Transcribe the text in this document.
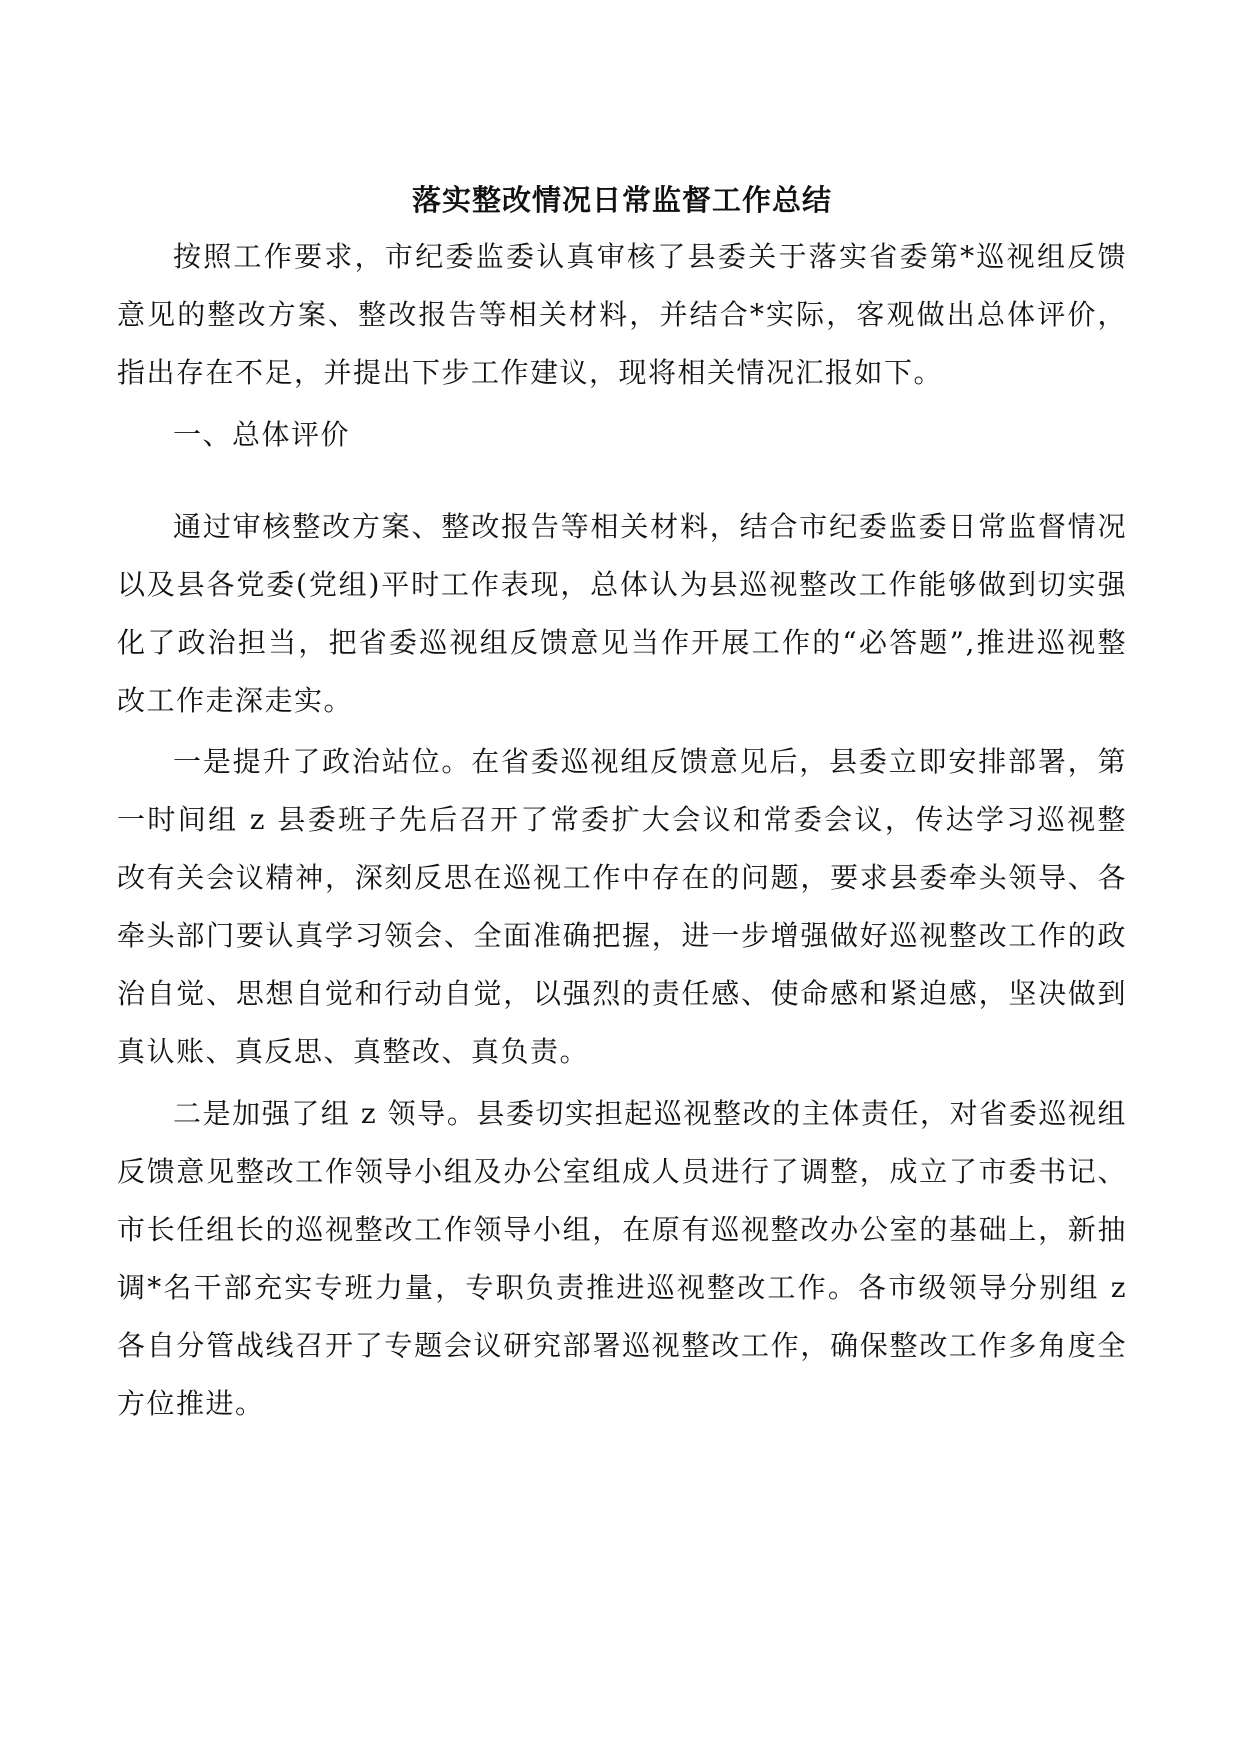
落实整改情况日常监督工作总结

按照工作要求，市纪委监委认真审核了县委关于落实省委第*巡视组反馈意见的整改方案、整改报告等相关材料，并结合*实际，客观做出总体评价，指出存在不足，并提出下步工作建议，现将相关情况汇报如下。

一、总体评价

通过审核整改方案、整改报告等相关材料，结合市纪委监委日常监督情况以及县各党委(党组)平时工作表现，总体认为县巡视整改工作能够做到切实强化了政治担当，把省委巡视组反馈意见当作开展工作的“必答题”,推进巡视整改工作走深走实。

一是提升了政治站位。在省委巡视组反馈意见后，县委立即安排部署，第一时间组 z 县委班子先后召开了常委扩大会议和常委会议，传达学习巡视整改有关会议精神，深刻反思在巡视工作中存在的问题，要求县委牵头领导、各牵头部门要认真学习领会、全面准确把握，进一步增强做好巡视整改工作的政治自觉、思想自觉和行动自觉，以强烈的责任感、使命感和紧迫感，坚决做到真认账、真反思、真整改、真负责。

二是加强了组 z 领导。县委切实担起巡视整改的主体责任，对省委巡视组反馈意见整改工作领导小组及办公室组成人员进行了调整，成立了市委书记、市长任组长的巡视整改工作领导小组，在原有巡视整改办公室的基础上，新抽调*名干部充实专班力量，专职负责推进巡视整改工作。各市级领导分别组 z 各自分管战线召开了专题会议研究部署巡视整改工作，确保整改工作多角度全方位推进。
